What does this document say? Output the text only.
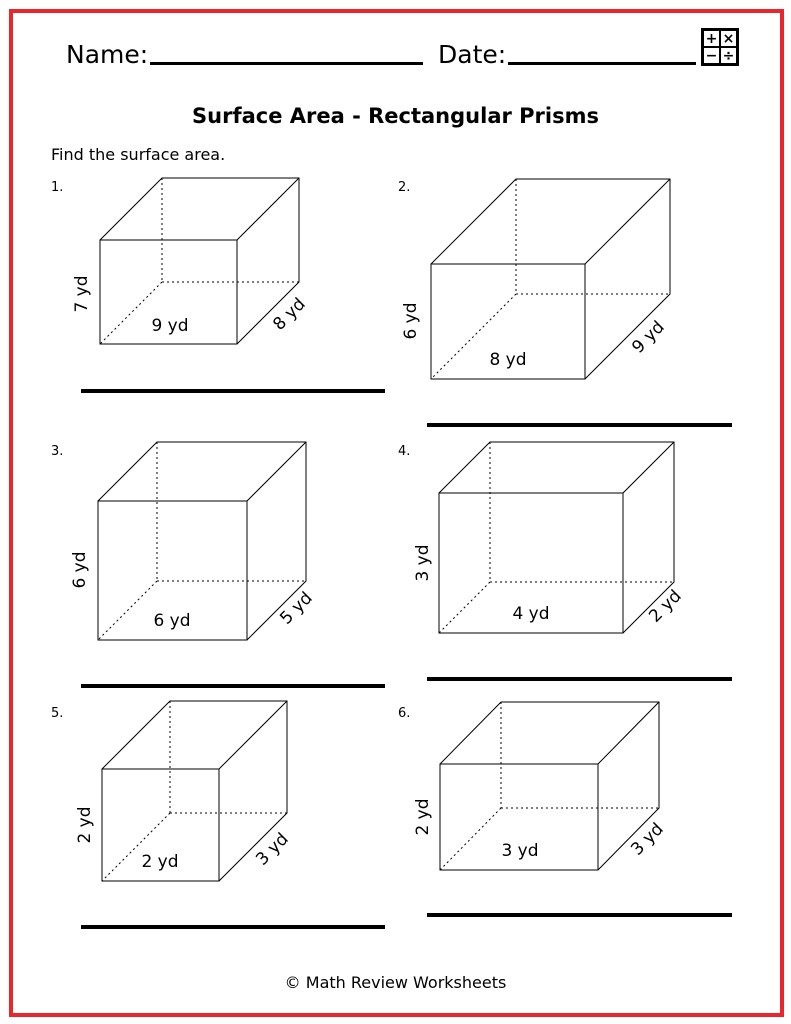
Name:	Date:
+ ×
− ÷
Surface Area - Rectangular Prisms
Find the surface area.
1.	2.
3.	4.
5.	6.
9 yd	8 yd
7 yd
8 yd
9 yd
6 yd
6 yd	5 yd
6 yd
4 yd	2 yd
3 yd
2 yd	3 yd
2 yd
3 yd	3 yd
2 yd
© Math Review Worksheets
